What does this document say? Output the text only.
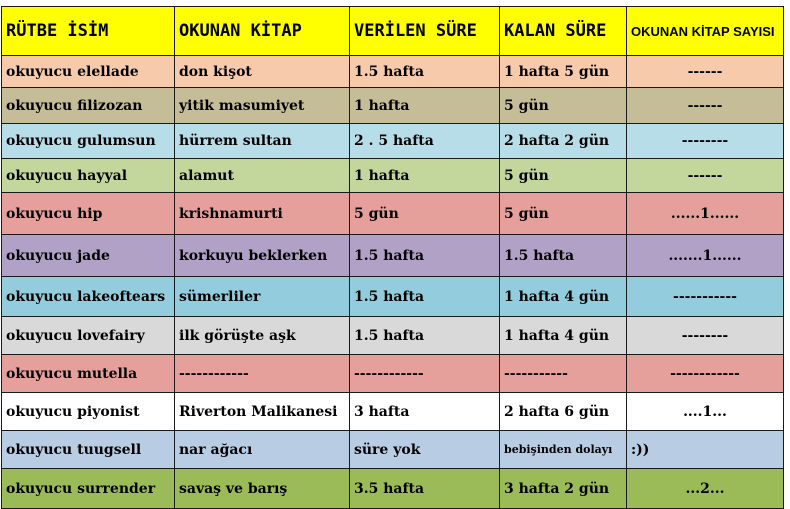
RÜTBE İSİM	OKUNAN KİTAP	VERİLEN SÜRE	KALAN SÜRE	OKUNAN KİTAP SAYISI
okuyucu elellade	don kişot	1.5 hafta	1 hafta 5 gün	------
okuyucu filizozan	yitik masumiyet	1 hafta	5 gün	------
okuyucu gulumsun	hürrem sultan	2 . 5 hafta	2 hafta 2 gün	--------
okuyucu hayyal	alamut	1 hafta	5 gün	------
okuyucu hip	krishnamurti	5 gün	5 gün	......1......
okuyucu jade	korkuyu beklerken	1.5 hafta	1.5 hafta	.......1......
okuyucu lakeoftears	sümerliler	1.5 hafta	1 hafta 4 gün	-----------
okuyucu lovefairy	ilk görüşte aşk	1.5 hafta	1 hafta 4 gün	--------
okuyucu mutella	------------	------------	-----------	------------
okuyucu piyonist	Riverton Malikanesi	3 hafta	2 hafta 6 gün	....1...
okuyucu tuugsell	nar ağacı	süre yok	bebişinden dolayı	:))
okuyucu surrender	savaş ve barış	3.5 hafta	3 hafta 2 gün	...2...
